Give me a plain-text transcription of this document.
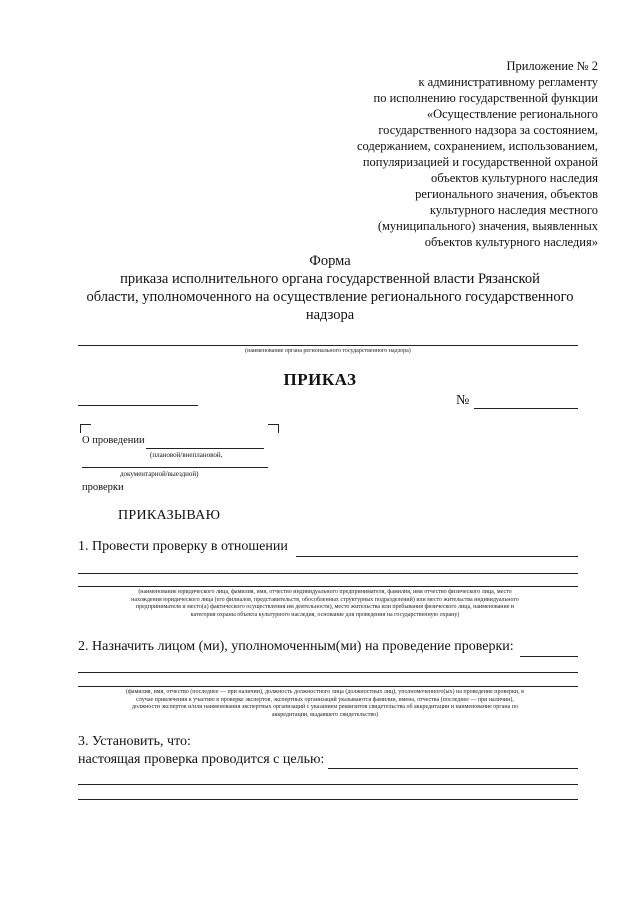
Приложение № 2
к административному регламенту
по исполнению государственной функции
«Осуществление регионального
государственного надзора за состоянием,
содержанием, сохранением, использованием,
популяризацией и государственной охраной
объектов культурного наследия
регионального значения, объектов
культурного наследия местного
(муниципального) значения, выявленных
объектов культурного наследия»
Форма
приказа исполнительного органа государственной власти Рязанской
области, уполномоченного на осуществление регионального государственного
надзора
(наименование органа регионального государственного надзора)
ПРИКАЗ
№
О проведении
(плановой/внеплановой,
документарной/выездной)
проверки
ПРИКАЗЫВАЮ
1. Провести проверку в отношении
(наименование юридического лица, фамилия, имя, отчество индивидуального предпринимателя, фамилия, имя отчество физического лица, место
нахождения юридического лица (его филиалов, представительств, обособленных структурных подразделений) или место жительства индивидуального
предпринимателя и место(а) фактического осуществления им деятельности), место жительства или пребывания физического лица, наименование и
категория охраны объекта культурного наследия, основание для проведения на государственную охрану)
2. Назначить лицом (ми), уполномоченным(ми) на проведение проверки:
(фамилия, имя, отчество (последнее — при наличии), должность должностного лица (должностных лиц), уполномоченного(ых) на проведение проверки, в
случае привлечения к участию в проверке экспертов, экспертных организаций указываются фамилии, имена, отчества (последнее — при наличии),
должности экспертов и/или наименования экспертных организаций с указанием реквизитов свидетельства об аккредитации и наименование органа по
аккредитации, выдавшего свидетельство)
3. Установить, что:
настоящая проверка проводится с целью:
